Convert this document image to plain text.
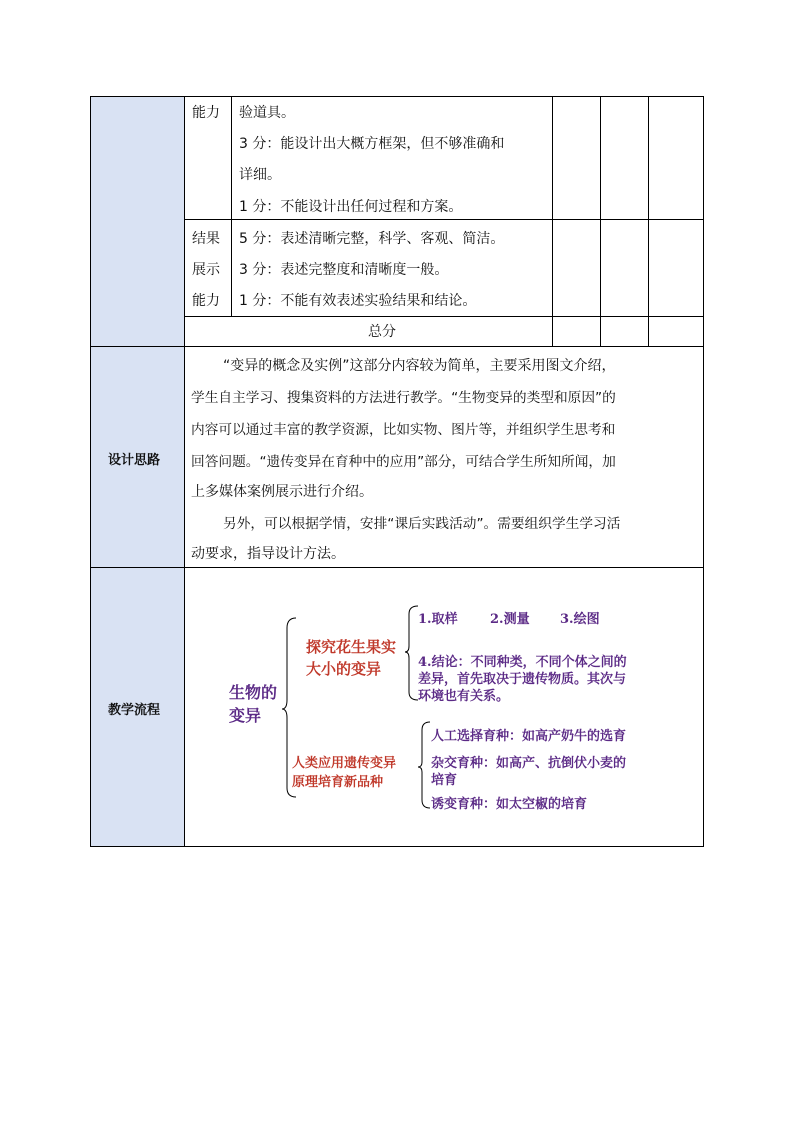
能力 验道具。
3 分：能设计出大概方框架，但不够准确和
详细。
1 分：不能设计出任何过程和方案。
结果
展示
能力
5 分：表述清晰完整，科学、客观、简洁。
3 分：表述完整度和清晰度一般。
1 分：不能有效表述实验结果和结论。
总分
设计思路
“变异的概念及实例”这部分内容较为简单，主要采用图文介绍，
学生自主学习、搜集资料的方法进行教学。“生物变异的类型和原因”的
内容可以通过丰富的教学资源，比如实物、图片等，并组织学生思考和
回答问题。“遗传变异在育种中的应用”部分，可结合学生所知所闻，加
上多媒体案例展示进行介绍。
另外，可以根据学情，安排“课后实践活动”。需要组织学生学习活
动要求，指导设计方法。
教学流程
生物的
变异
探究花生果实
大小的变异
1.取样 2.测量 3.绘图
4.结论：不同种类，不同个体之间的
差异，首先取决于遗传物质。其次与
环境也有关系。
人类应用遗传变异
原理培育新品种
人工选择育种：如高产奶牛的选育
杂交育种：如高产、抗倒伏小麦的
培育
诱变育种：如太空椒的培育
